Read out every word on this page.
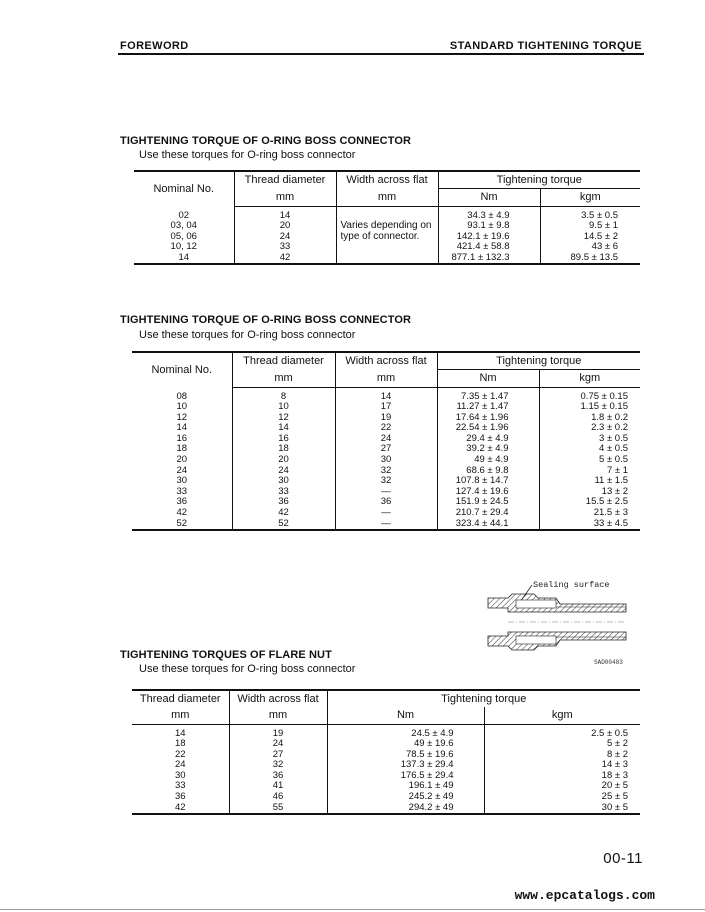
FOREWORD	STANDARD TIGHTENING TORQUE
TIGHTENING TORQUE OF O-RING BOSS CONNECTOR
Use these torques for O-ring boss connector
Nominal No.	Thread diameter	Width across flat	Tightening torque	
	mm	mm	Nm	kgm

02	14		34.3 ± 4.9	3.5 ± 0.5
03, 04	20	Varies depending on	93.1 ± 9.8	9.5 ± 1
05, 06	24	type of connector.	142.1 ± 19.6	14.5 ± 2
10, 12	33		421.4 ± 58.8	43 ± 6
14	42		877.1 ± 132.3	89.5 ± 13.5
TIGHTENING TORQUE OF O-RING BOSS CONNECTOR
Use these torques for O-ring boss connector
Nominal No.	Thread diameter	Width across flat	Tightening torque	
	mm	mm	Nm	kgm

08	8	14	7.35 ± 1.47	0.75 ± 0.15
10	10	17	11.27 ± 1.47	1.15 ± 0.15
12	12	19	17.64 ± 1.96	1.8 ± 0.2
14	14	22	22.54 ± 1.96	2.3 ± 0.2
16	16	24	29.4 ± 4.9	3 ± 0.5
18	18	27	39.2 ± 4.9	4 ± 0.5
20	20	30	49 ± 4.9	5 ± 0.5
24	24	32	68.6 ± 9.8	7 ± 1
30	30	32	107.8 ± 14.7	11 ± 1.5
33	33	—	127.4 ± 19.6	13 ± 2
36	36	36	151.9 ± 24.5	15.5 ± 2.5
42	42	—	210.7 ± 29.4	21.5 ± 3
52	52	—	323.4 ± 44.1	33 ± 4.5
Sealing surface
SAD00483
TIGHTENING TORQUES OF FLARE NUT
Use these torques for O-ring boss connector
Thread diameter	Width across flat	Tightening torque	
mm	mm	Nm	kgm

14	19	24.5 ± 4.9	2.5 ± 0.5
18	24	49 ± 19.6	5 ± 2
22	27	78.5 ± 19.6	8 ± 2
24	32	137.3 ± 29.4	14 ± 3
30	36	176.5 ± 29.4	18 ± 3
33	41	196.1 ± 49	20 ± 5
36	46	245.2 ± 49	25 ± 5
42	55	294.2 ± 49	30 ± 5
00-11
www.epcatalogs.com
